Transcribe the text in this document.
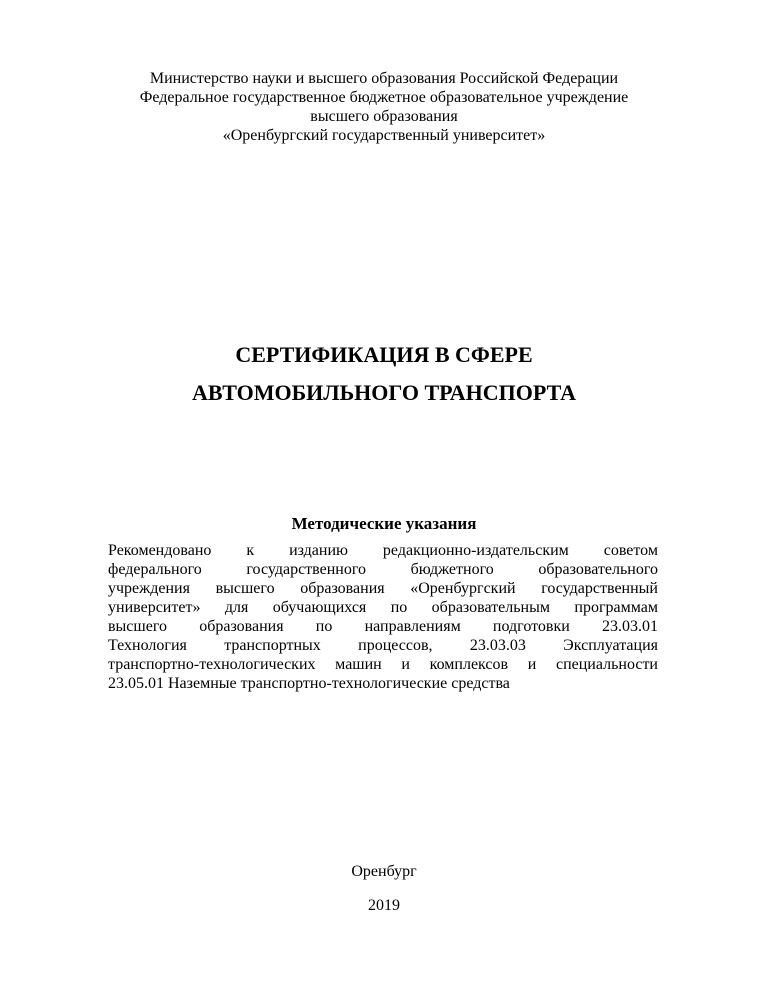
Министерство науки и высшего образования Российской Федерации
Федеральное государственное бюджетное образовательное учреждение
высшего образования
«Оренбургский государственный университет»
СЕРТИФИКАЦИЯ В СФЕРЕ
АВТОМОБИЛЬНОГО ТРАНСПОРТА
Методические указания
Рекомендовано к изданию редакционно-издательским советом
федерального государственного бюджетного образовательного
учреждения высшего образования «Оренбургский государственный
университет» для обучающихся по образовательным программам
высшего образования по направлениям подготовки 23.03.01
Технология транспортных процессов, 23.03.03 Эксплуатация
транспортно-технологических машин и комплексов и специальности
23.05.01 Наземные транспортно-технологические средства
Оренбург
2019
